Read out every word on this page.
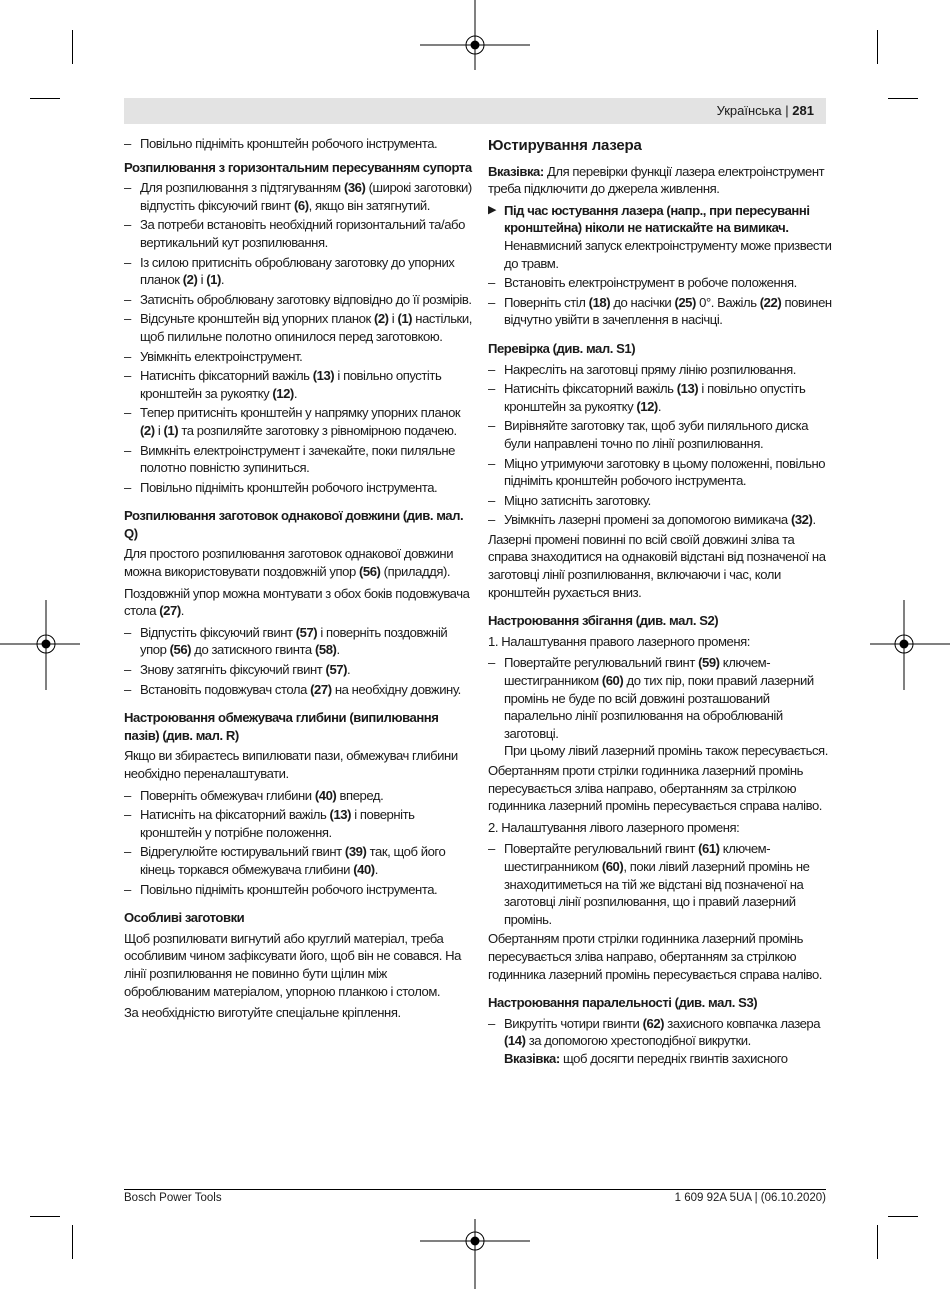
Українська | 281
– Повільно підніміть кронштейн робочого інструмента.
Розпилювання з горизонтальним пересуванням супорта
– Для розпилювання з підтягуванням (36) (широкі заготовки) відпустіть фіксуючий гвинт (6), якщо він затягнутий.
– За потреби встановіть необхідний горизонтальний та/або вертикальний кут розпилювання.
– Із силою притисніть оброблювану заготовку до упорних планок (2) і (1).
– Затисніть оброблювану заготовку відповідно до її розмірів.
– Відсуньте кронштейн від упорних планок (2) і (1) настільки, щоб пилильне полотно опинилося перед заготовкою.
– Увімкніть електроінструмент.
– Натисніть фіксаторний важіль (13) і повільно опустіть кронштейн за рукоятку (12).
– Тепер притисніть кронштейн у напрямку упорних планок (2) і (1) та розпиляйте заготовку з рівномірною подачею.
– Вимкніть електроінструмент і зачекайте, поки пиляльне полотно повністю зупиниться.
– Повільно підніміть кронштейн робочого інструмента.
Розпилювання заготовок однакової довжини (див. мал. Q)
Для простого розпилювання заготовок однакової довжини можна використовувати поздовжній упор (56) (приладдя).
Поздовжній упор можна монтувати з обох боків подовжувача стола (27).
– Відпустіть фіксуючий гвинт (57) і поверніть поздовжній упор (56) до затискного гвинта (58).
– Знову затягніть фіксуючий гвинт (57).
– Встановіть подовжувач стола (27) на необхідну довжину.
Настроювання обмежувача глибини (випилювання пазів) (див. мал. R)
Якщо ви збираєтесь випилювати пази, обмежувач глибини необхідно переналаштувати.
– Поверніть обмежувач глибини (40) вперед.
– Натисніть на фіксаторний важіль (13) і поверніть кронштейн у потрібне положення.
– Відрегулюйте юстирувальний гвинт (39) так, щоб його кінець торкався обмежувача глибини (40).
– Повільно підніміть кронштейн робочого інструмента.
Особливі заготовки
Щоб розпилювати вигнутий або круглий матеріал, треба особливим чином зафіксувати його, щоб він не совався. На лінії розпилювання не повинно бути щілин між оброблюваним матеріалом, упорною планкою і столом.
За необхідністю виготуйте спеціальне кріплення.
Юстирування лазера
Вказівка: Для перевірки функції лазера електроінструмент треба підключити до джерела живлення.
▶ Під час юстування лазера (напр., при пересуванні кронштейна) ніколи не натискайте на вимикач. Ненавмисний запуск електроінструменту може призвести до травм.
– Встановіть електроінструмент в робоче положення.
– Поверніть стіл (18) до насічки (25) 0°. Важіль (22) повинен відчутно увійти в зачеплення в насічці.
Перевірка (див. мал. S1)
– Накресліть на заготовці пряму лінію розпилювання.
– Натисніть фіксаторний важіль (13) і повільно опустіть кронштейн за рукоятку (12).
– Вирівняйте заготовку так, щоб зуби пиляльного диска були направлені точно по лінії розпилювання.
– Міцно утримуючи заготовку в цьому положенні, повільно підніміть кронштейн робочого інструмента.
– Міцно затисніть заготовку.
– Увімкніть лазерні промені за допомогою вимикача (32).
Лазерні промені повинні по всій своїй довжині зліва та справа знаходитися на однаковій відстані від позначеної на заготовці лінії розпилювання, включаючи і час, коли кронштейн рухається вниз.
Настроювання збігання (див. мал. S2)
1. Налаштування правого лазерного променя:
– Повертайте регулювальний гвинт (59) ключем-шестигранником (60) до тих пір, поки правий лазерний промінь не буде по всій довжині розташований паралельно лінії розпилювання на оброблюваній заготовці.
При цьому лівий лазерний промінь також пересувається.
Обертанням проти стрілки годинника лазерний промінь пересувається зліва направо, обертанням за стрілкою годинника лазерний промінь пересувається справа наліво.
2. Налаштування лівого лазерного променя:
– Повертайте регулювальний гвинт (61) ключем-шестигранником (60), поки лівий лазерний промінь не знаходитиметься на тій же відстані від позначеної на заготовці лінії розпилювання, що і правий лазерний промінь.
Обертанням проти стрілки годинника лазерний промінь пересувається зліва направо, обертанням за стрілкою годинника лазерний промінь пересувається справа наліво.
Настроювання паралельності (див. мал. S3)
– Викрутіть чотири гвинти (62) захисного ковпачка лазера (14) за допомогою хрестоподібної викрутки.
Вказівка: щоб досягти передніх гвинтів захисного
Bosch Power Tools	1 609 92A 5UA | (06.10.2020)
